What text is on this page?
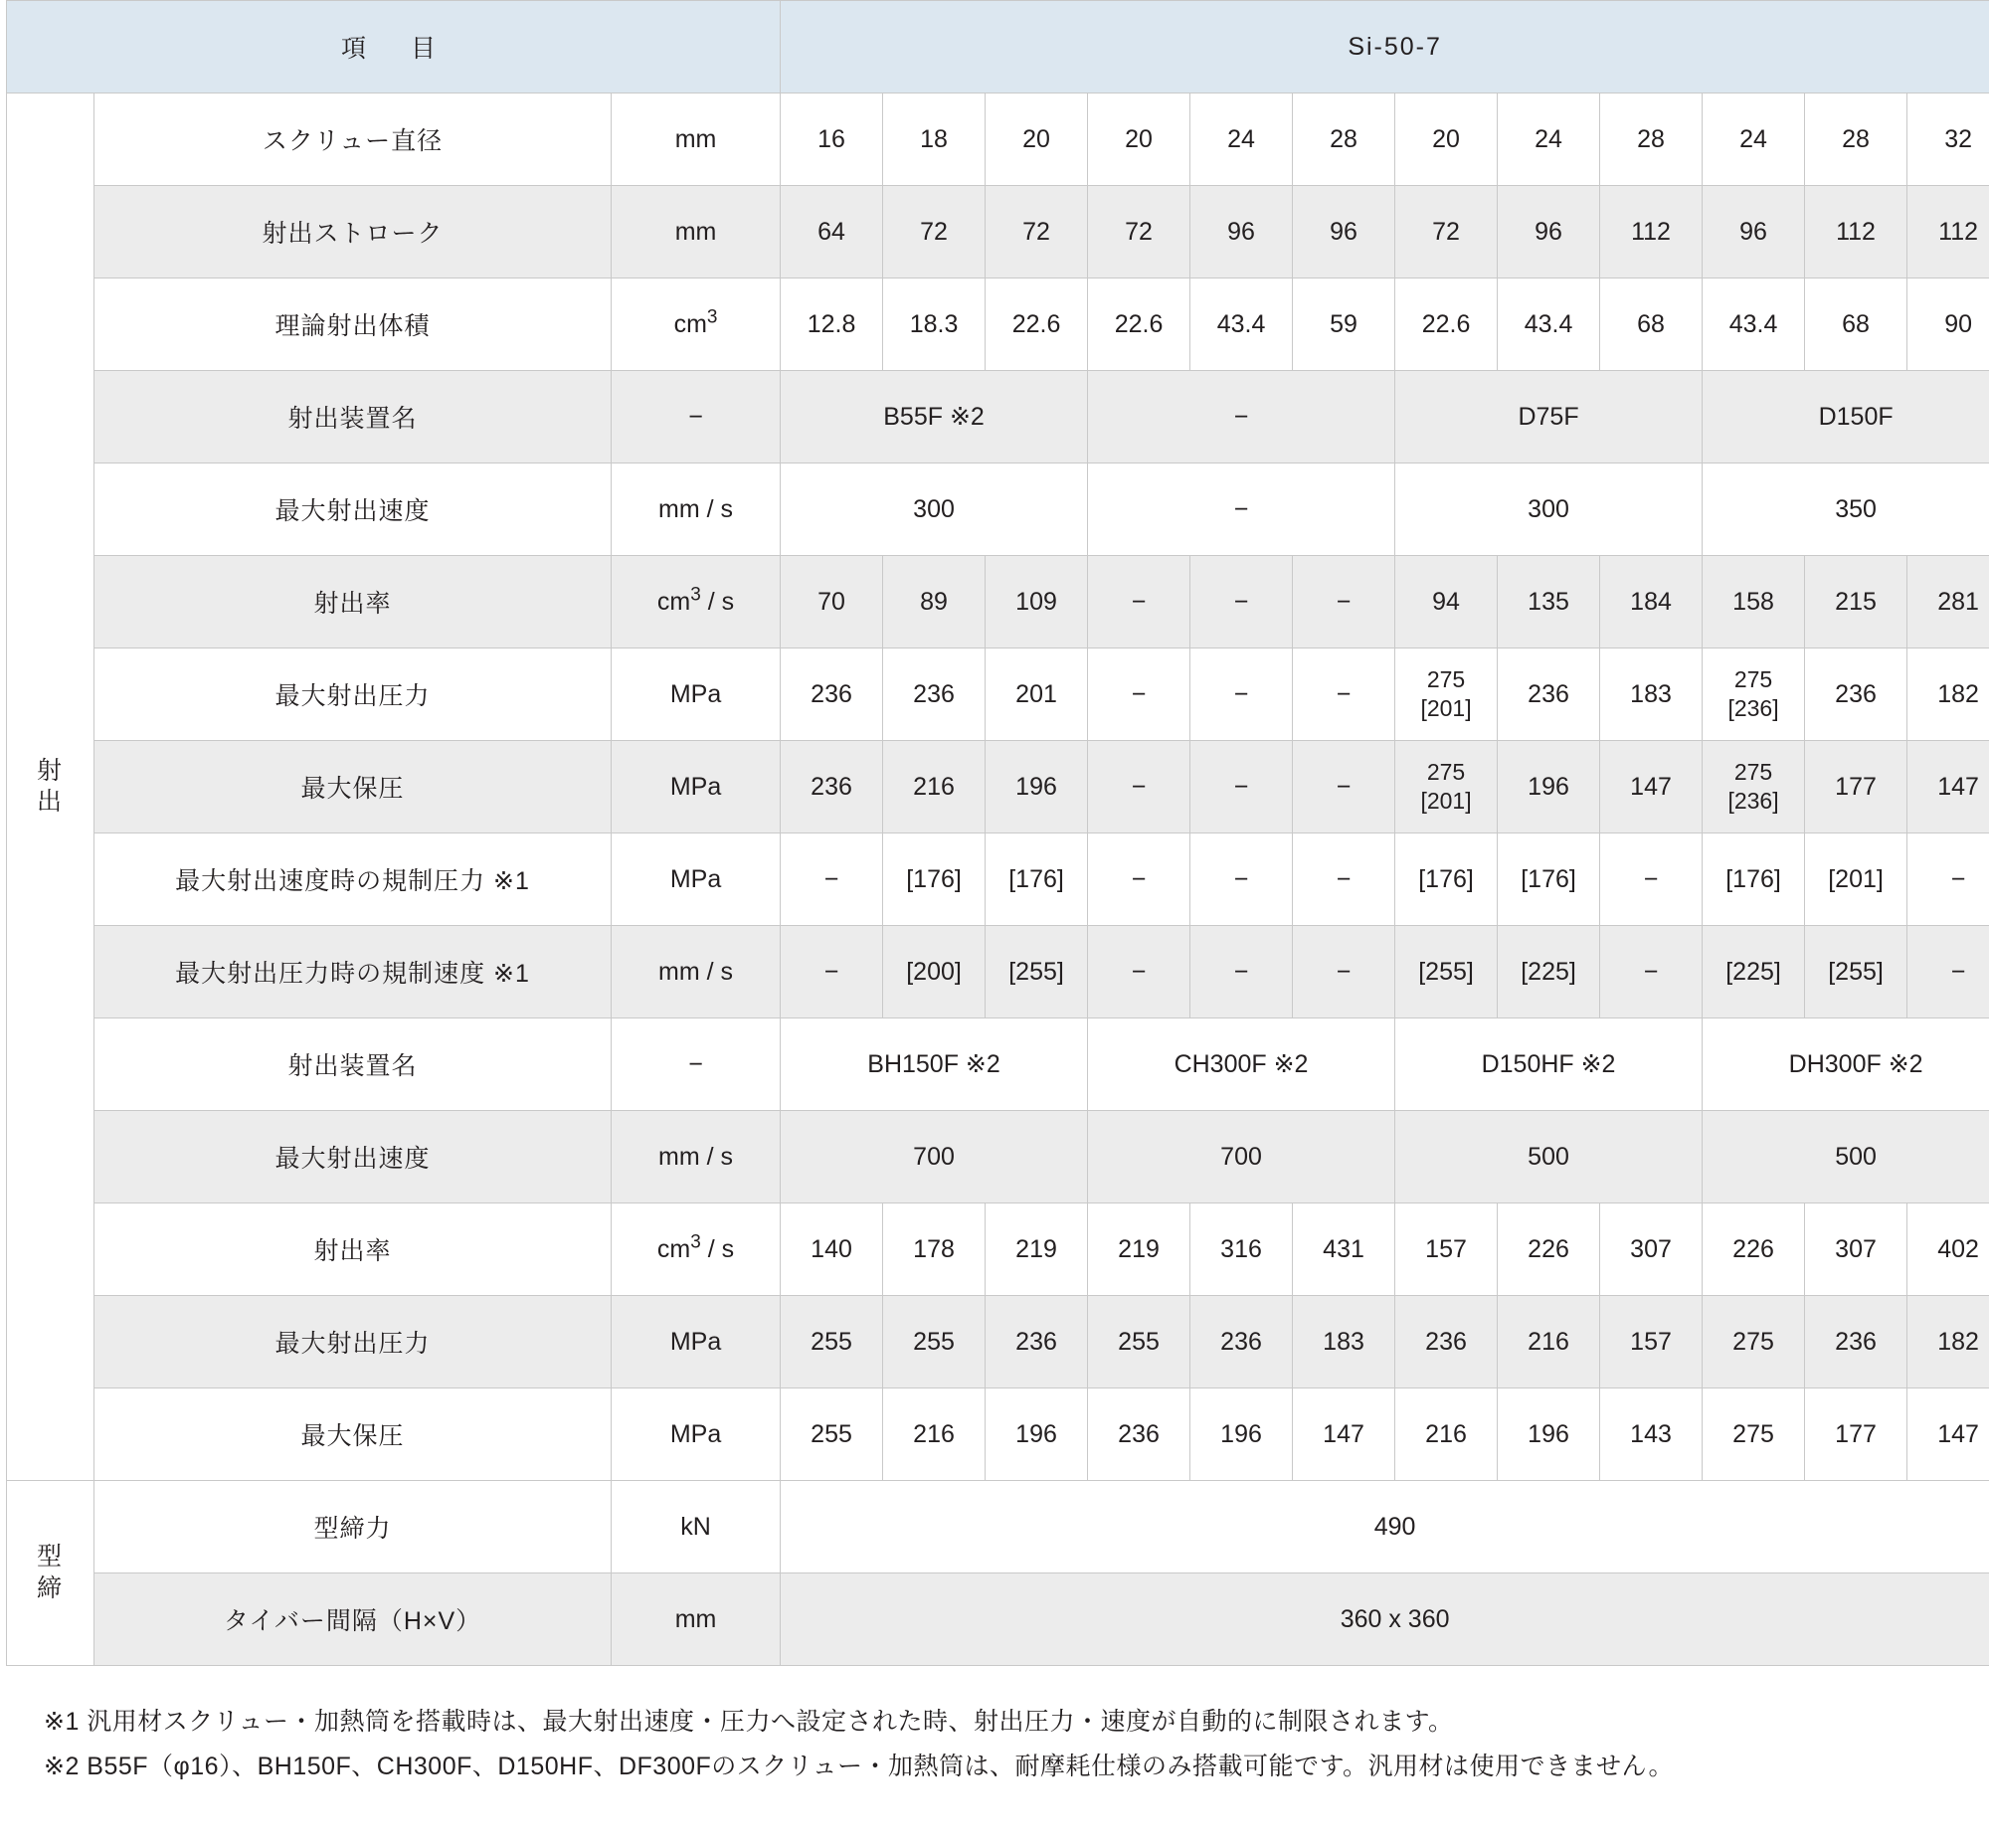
項　目			Si-50-7											
射
出	スクリュー直径	mm	16	18	20	20	24	28	20	24	28	24	28	32
	射出ストローク	mm	64	72	72	72	96	96	72	96	112	96	112	112
	理論射出体積	$cm^3$	12.8	18.3	22.6	22.6	43.4	59	22.6	43.4	68	43.4	68	90
	射出装置名	−	B55F ※2			−			D75F			D150F		
	最大射出速度	mm / s	300			−			300			350		
	射出率	$cm^3$ / s	70	89	109	−	−	−	94	135	184	158	215	281
	最大射出圧力	MPa	236	236	201	−	−	−	275
[201]	236	183	275
[236]	236	182
	最大保圧	MPa	236	216	196	−	−	−	275
[201]	196	147	275
[236]	177	147
	最大射出速度時の規制圧力 ※1	MPa	−	[176]	[176]	−	−	−	[176]	[176]	−	[176]	[201]	−
	最大射出圧力時の規制速度 ※1	mm / s	−	[200]	[255]	−	−	−	[255]	[225]	−	[225]	[255]	−
	射出装置名	−	BH150F ※2			CH300F ※2			D150HF ※2			DH300F ※2		
	最大射出速度	mm / s	700			700			500			500		
	射出率	$cm^3$ / s	140	178	219	219	316	431	157	226	307	226	307	402
	最大射出圧力	MPa	255	255	236	255	236	183	236	216	157	275	236	182
	最大保圧	MPa	255	216	196	236	196	147	216	196	143	275	177	147
型
締	型締力	kN	490											
	タイバー間隔（H×V）	mm	360 x 360											
※1 汎用材スクリュー・加熱筒を搭載時は、最大射出速度・圧力へ設定された時、射出圧力・速度が自動的に制限されます。
※2 B55F（φ16）、BH150F、CH300F、D150HF、DF300Fのスクリュー・加熱筒は、耐摩耗仕様のみ搭載可能です。汎用材は使用できません。
